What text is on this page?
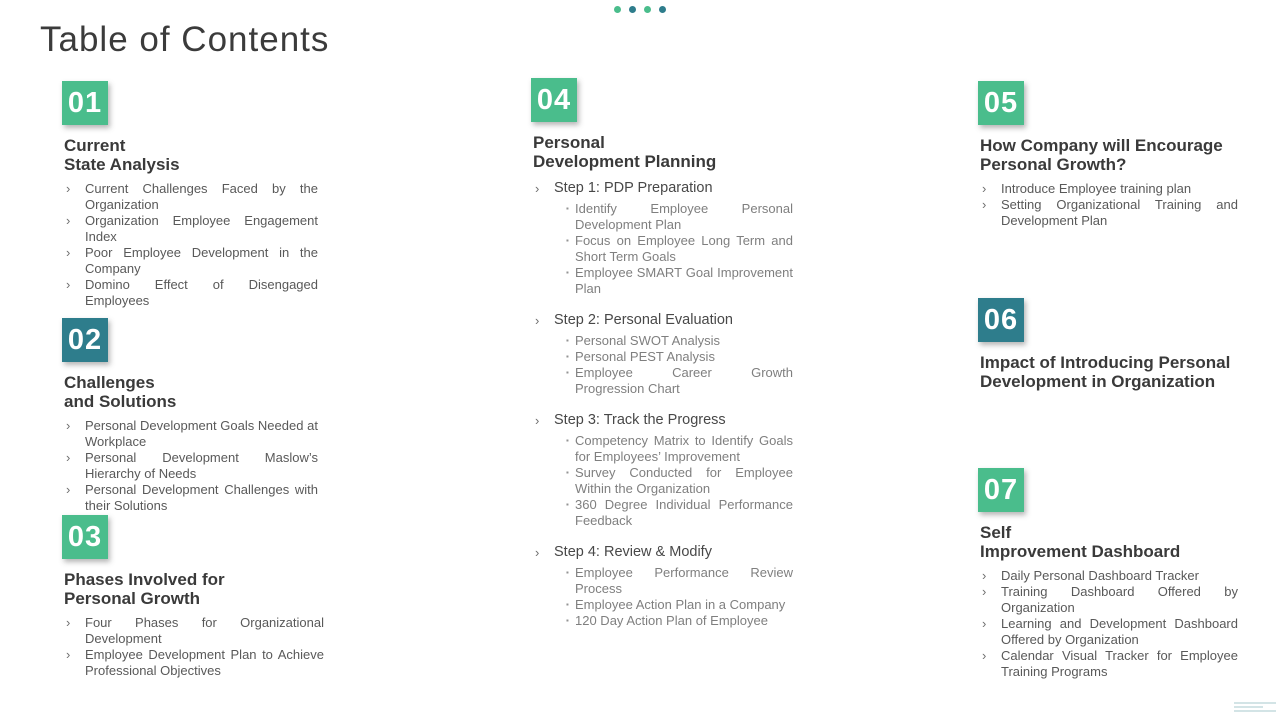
Table of Contents
01
Current
State Analysis
›	Current Challenges Faced by the Organization
›	Organization Employee Engagement Index
›	Poor Employee Development in the Company
›	Domino Effect of Disengaged Employees
02
Challenges
and Solutions
›	Personal Development Goals Needed at Workplace
›	Personal Development Maslow’s Hierarchy of Needs
›	Personal Development Challenges with their Solutions
03
Phases Involved for
Personal Growth
›	Four Phases for Organizational Development
›	Employee Development Plan to Achieve Professional Objectives
04
Personal
Development Planning
›	Step 1: PDP Preparation
▪ Identify Employee Personal Development Plan
▪ Focus on Employee Long Term and Short Term Goals
▪ Employee SMART Goal Improvement Plan
›	Step 2: Personal Evaluation
▪ Personal SWOT Analysis
▪ Personal PEST Analysis
▪ Employee Career Growth Progression Chart
›	Step 3: Track the Progress
▪ Competency Matrix to Identify Goals for Employees’ Improvement
▪ Survey Conducted for Employee Within the Organization
▪ 360 Degree Individual Performance Feedback
›	Step 4: Review & Modify
▪ Employee Performance Review Process
▪ Employee Action Plan in a Company
▪ 120 Day Action Plan of Employee
05
How Company will Encourage
Personal Growth?
›	Introduce Employee training plan
›	Setting Organizational Training and Development Plan
06
Impact of Introducing Personal
Development in Organization
07
Self
Improvement Dashboard
›	Daily Personal Dashboard Tracker
›	Training Dashboard Offered by Organization
›	Learning and Development Dashboard Offered by Organization
›	Calendar Visual Tracker for Employee Training Programs
